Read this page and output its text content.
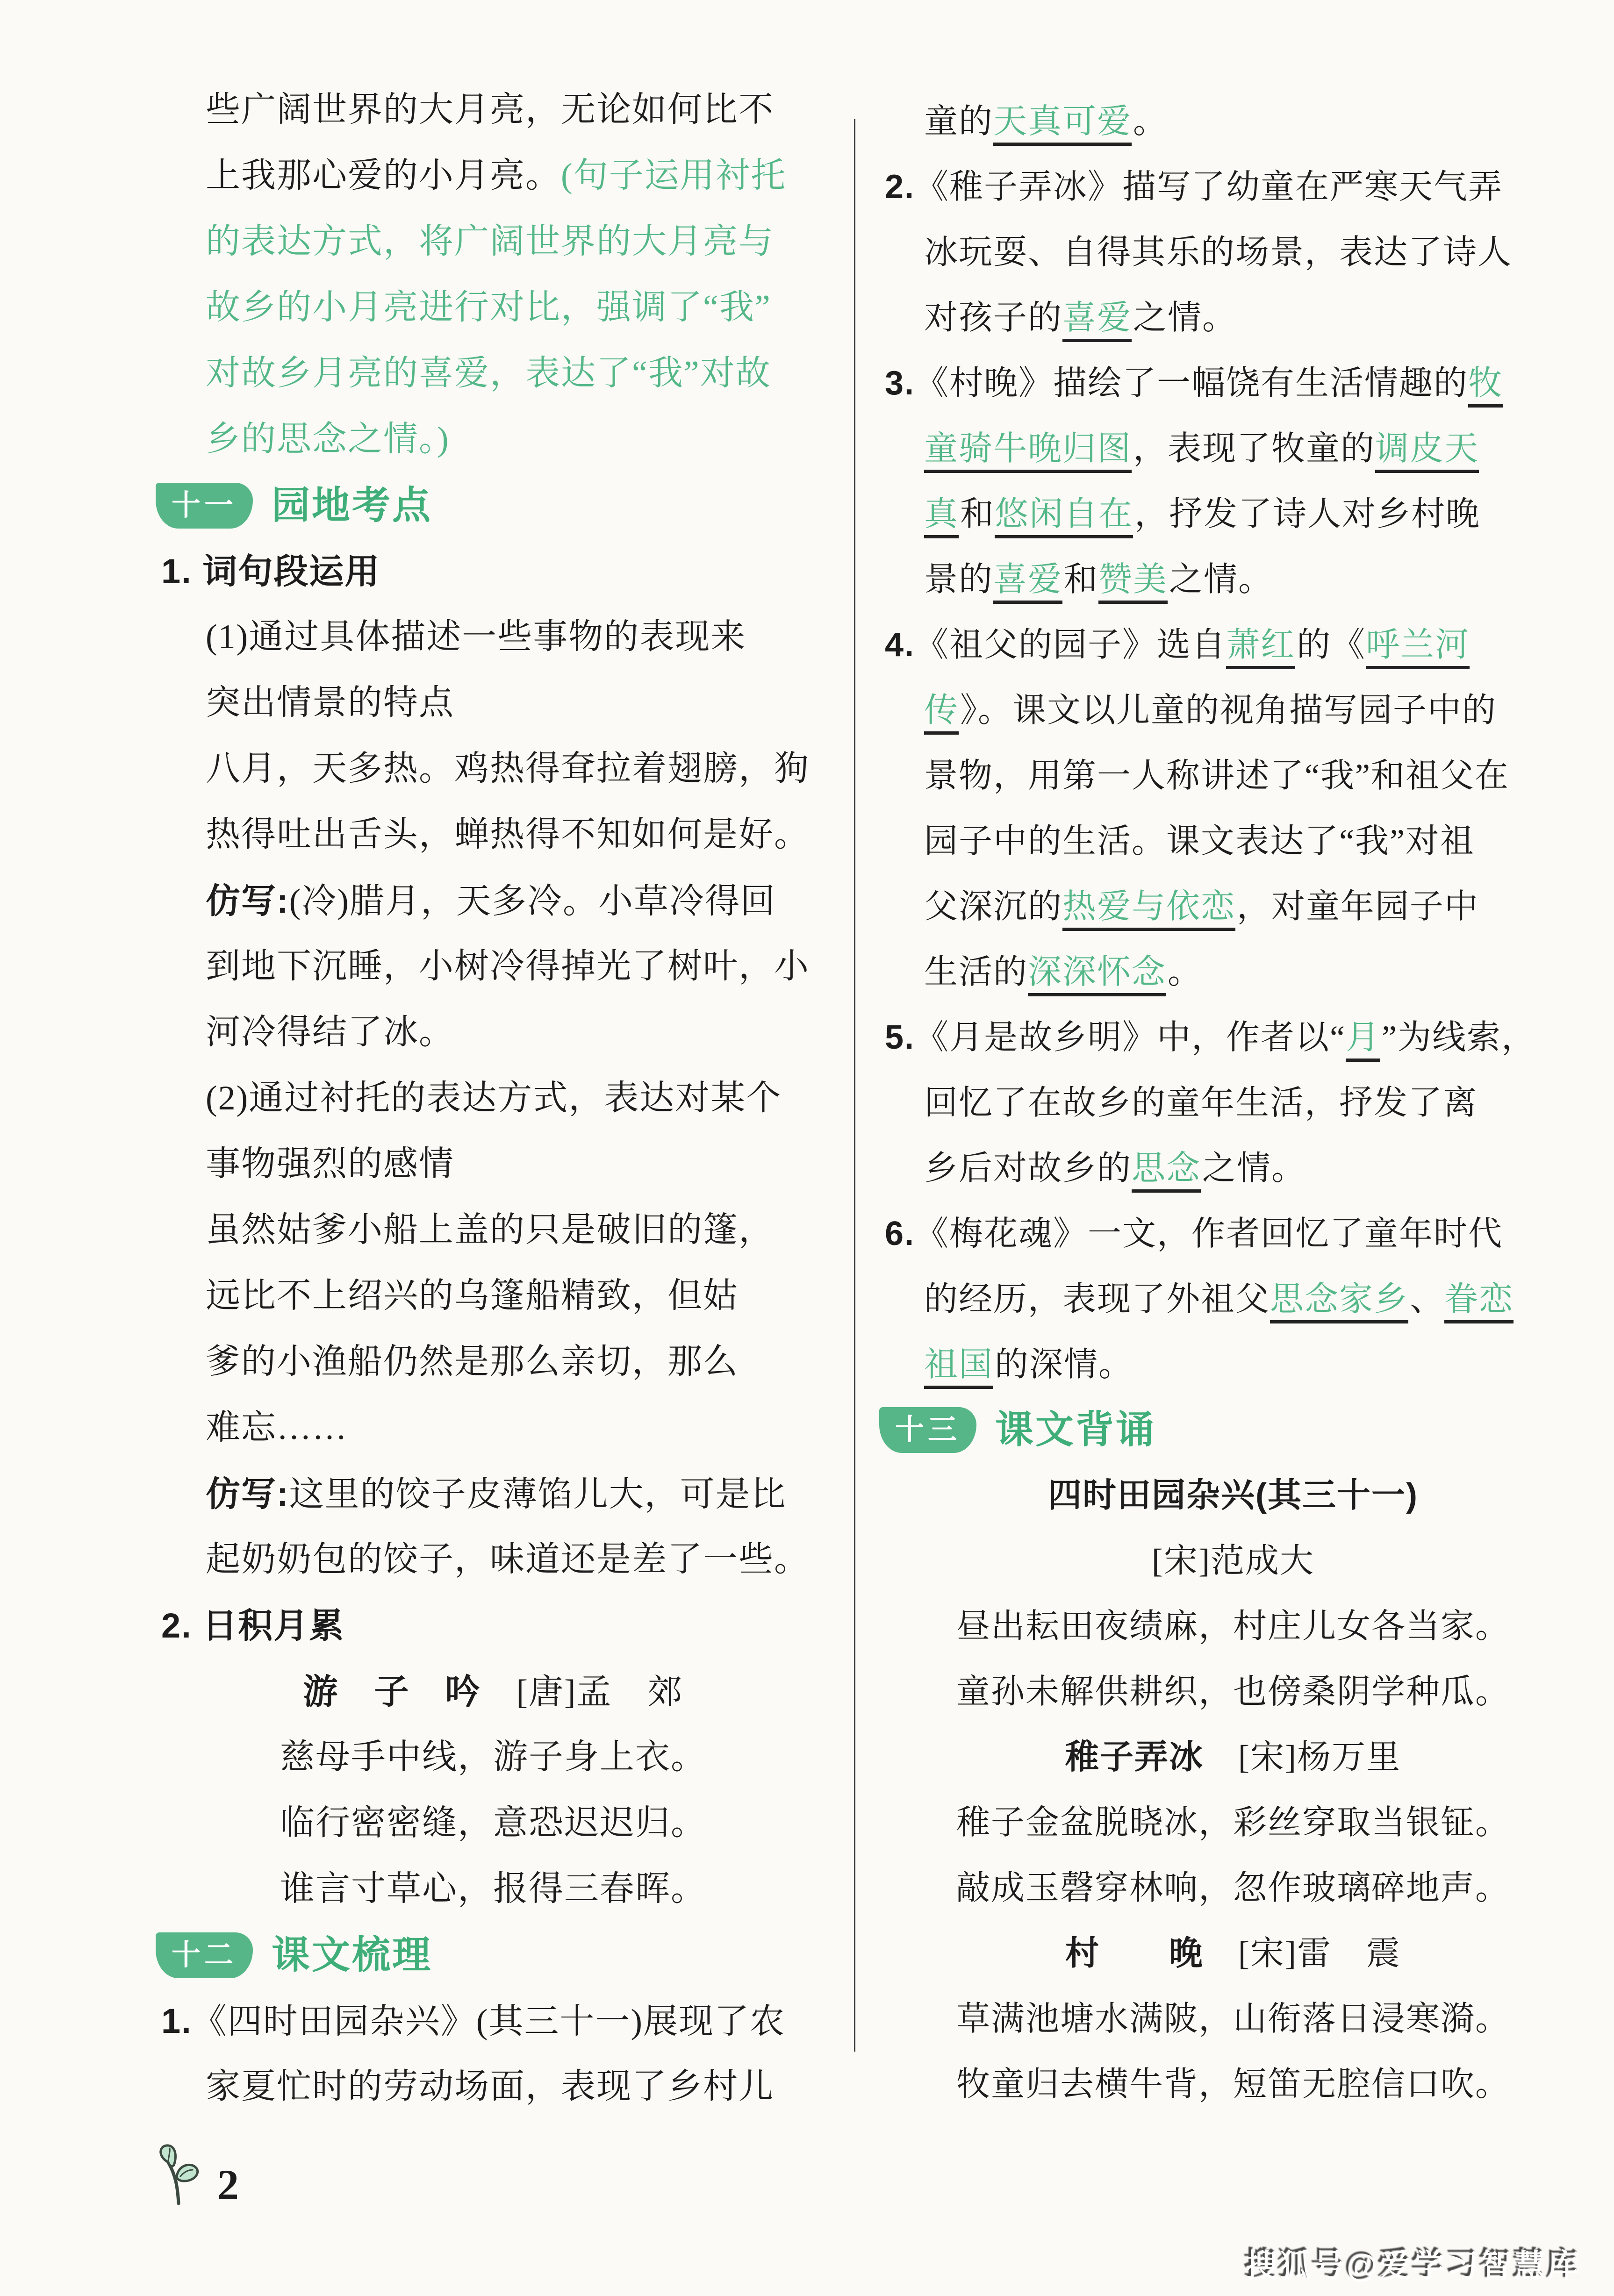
些广阔世界的大月亮，无论如何比不
上我那心爱的小月亮。(句子运用衬托
的表达方式，将广阔世界的大月亮与
故乡的小月亮进行对比，强调了“我”
对故乡月亮的喜爱，表达了“我”对故
乡的思念之情。)
十一 园地考点
1. 词句段运用
(1)通过具体描述一些事物的表现来
突出情景的特点
八月，天多热。鸡热得耷拉着翅膀，狗
热得吐出舌头，蝉热得不知如何是好。
仿写:(冷)腊月，天多冷。小草冷得回
到地下沉睡，小树冷得掉光了树叶，小
河冷得结了冰。
(2)通过衬托的表达方式，表达对某个
事物强烈的感情
虽然姑爹小船上盖的只是破旧的篷，
远比不上绍兴的乌篷船精致，但姑
爹的小渔船仍然是那么亲切，那么
难忘……
仿写:这里的饺子皮薄馅儿大，可是比
起奶奶包的饺子，味道还是差了一些。
2. 日积月累
游　子　吟　[唐]孟　郊
慈母手中线，游子身上衣。
临行密密缝，意恐迟迟归。
谁言寸草心，报得三春晖。
十二 课文梳理
1.《四时田园杂兴》(其三十一)展现了农
家夏忙时的劳动场面，表现了乡村儿
童的天真可爱。
2.《稚子弄冰》描写了幼童在严寒天气弄
冰玩耍、自得其乐的场景，表达了诗人
对孩子的喜爱之情。
3.《村晚》描绘了一幅饶有生活情趣的牧
童骑牛晚归图，表现了牧童的调皮天
真和悠闲自在，抒发了诗人对乡村晚
景的喜爱和赞美之情。
4.《祖父的园子》选自萧红的《呼兰河
传》。课文以儿童的视角描写园子中的
景物，用第一人称讲述了“我”和祖父在
园子中的生活。课文表达了“我”对祖
父深沉的热爱与依恋，对童年园子中
生活的深深怀念。
5.《月是故乡明》中，作者以“月”为线索，
回忆了在故乡的童年生活，抒发了离
乡后对故乡的思念之情。
6.《梅花魂》一文，作者回忆了童年时代
的经历，表现了外祖父思念家乡、眷恋
祖国的深情。
十三 课文背诵
四时田园杂兴(其三十一)
[宋]范成大
昼出耘田夜绩麻，村庄儿女各当家。
童孙未解供耕织，也傍桑阴学种瓜。
稚子弄冰　[宋]杨万里
稚子金盆脱晓冰，彩丝穿取当银钲。
敲成玉磬穿林响，忽作玻璃碎地声。
村　　晚　[宋]雷　震
草满池塘水满陂，山衔落日浸寒漪。
牧童归去横牛背，短笛无腔信口吹。
2
搜狐号@爱学习智慧库
